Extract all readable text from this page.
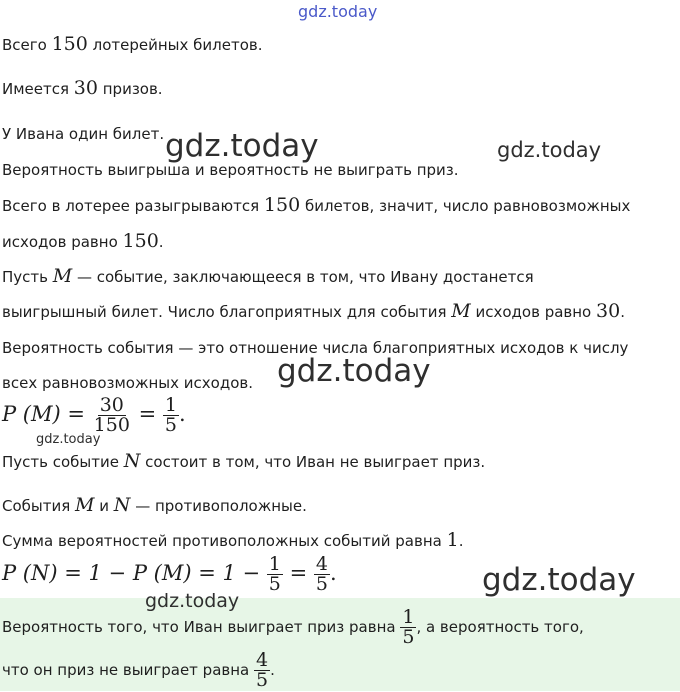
gdz.today
Всего 150 лотерейных билетов.
Имеется 30 призов.
У Ивана один билет. gdz.today	gdz.today
Вероятность выигрыша и вероятность не выиграть приз.
Всего в лотерее разыгрываются 150 билетов, значит, число равновозможных
исходов равно 150.
Пусть M — событие, заключающееся в том, что Ивану достанется
выигрышный билет. Число благоприятных для события M исходов равно 30.
Вероятность события — это отношение числа благоприятных исходов к числу
всех равновозможных исходов. gdz.today
P $(M) = \frac{30}{150} = \frac{1}{5}$ .
gdz.today
Пусть событие N состоит в том, что Иван не выиграет приз.
События M и N — противоположные.
Сумма вероятностей противоположных событий равна 1.
P (N) = 1 − P $(M) = 1 - \frac{1}{5} = \frac{4}{5}$ .	gdz.today
gdz.today
Вероятность того, что Иван выиграет приз равна $\frac{1}{5}$ , а вероятность того,
что он приз не выиграет равна $\frac{4}{5}$ .
